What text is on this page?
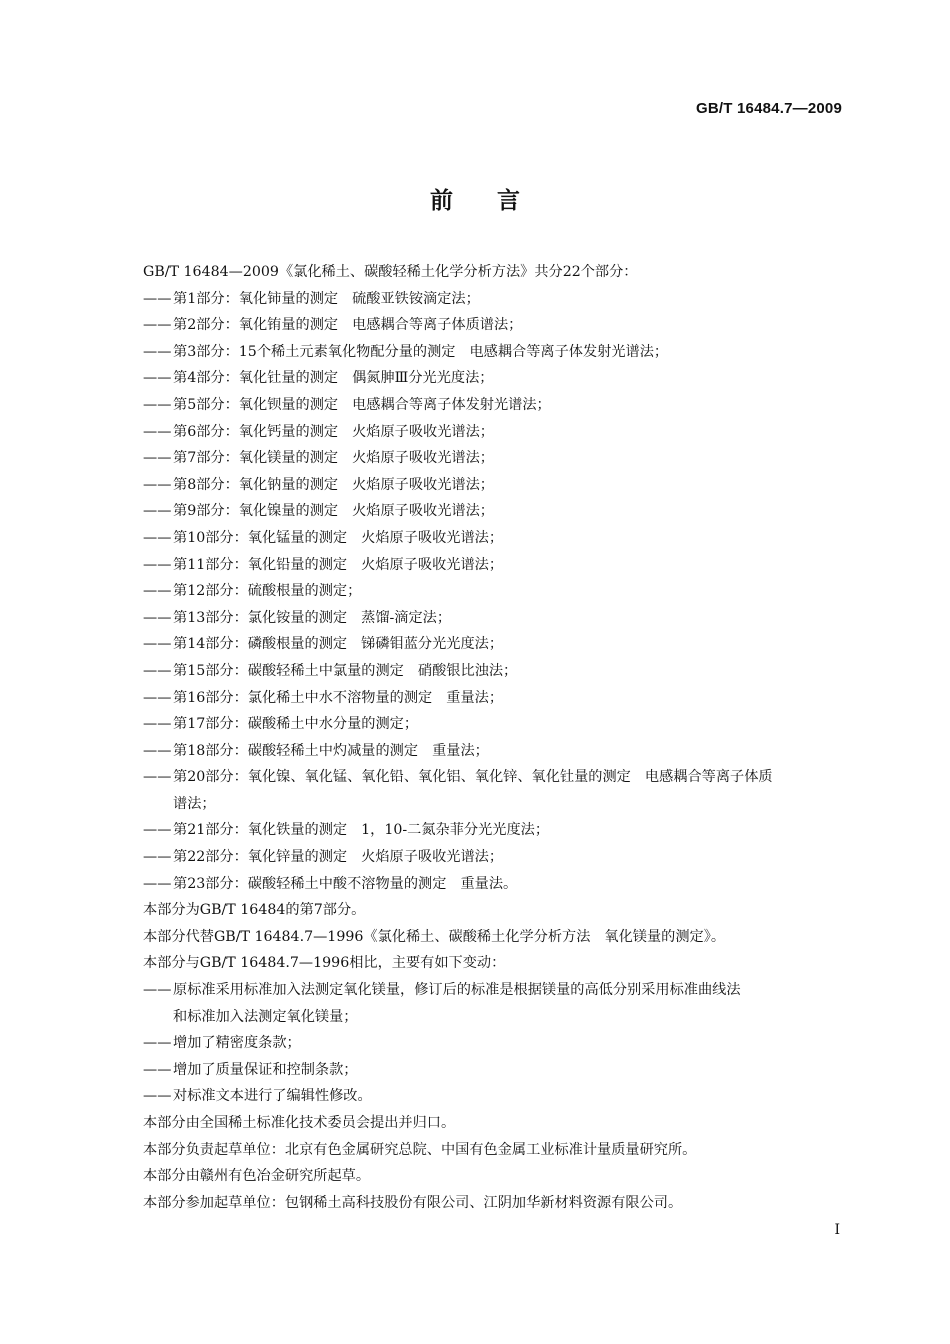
GB/T 16484.7—2009
前言
GB/T 16484—2009《氯化稀土、碳酸轻稀土化学分析方法》共分22个部分：
—— 第1部分：氧化铈量的测定 硫酸亚铁铵滴定法；
—— 第2部分：氧化铕量的测定 电感耦合等离子体质谱法；
—— 第3部分：15个稀土元素氧化物配分量的测定 电感耦合等离子体发射光谱法；
—— 第4部分：氧化钍量的测定 偶氮胂Ⅲ分光光度法；
—— 第5部分：氧化钡量的测定 电感耦合等离子体发射光谱法；
—— 第6部分：氧化钙量的测定 火焰原子吸收光谱法；
—— 第7部分：氧化镁量的测定 火焰原子吸收光谱法；
—— 第8部分：氧化钠量的测定 火焰原子吸收光谱法；
—— 第9部分：氧化镍量的测定 火焰原子吸收光谱法；
—— 第10部分：氧化锰量的测定 火焰原子吸收光谱法；
—— 第11部分：氧化铅量的测定 火焰原子吸收光谱法；
—— 第12部分：硫酸根量的测定；
—— 第13部分：氯化铵量的测定 蒸馏-滴定法；
—— 第14部分：磷酸根量的测定 锑磷钼蓝分光光度法；
—— 第15部分：碳酸轻稀土中氯量的测定 硝酸银比浊法；
—— 第16部分：氯化稀土中水不溶物量的测定 重量法；
—— 第17部分：碳酸稀土中水分量的测定；
—— 第18部分：碳酸轻稀土中灼减量的测定 重量法；
—— 第20部分：氧化镍、氧化锰、氧化铅、氧化铝、氧化锌、氧化钍量的测定 电感耦合等离子体质
谱法；
—— 第21部分：氧化铁量的测定 1，10-二氮杂菲分光光度法；
—— 第22部分：氧化锌量的测定 火焰原子吸收光谱法；
—— 第23部分：碳酸轻稀土中酸不溶物量的测定 重量法。
本部分为GB/T 16484的第7部分。
本部分代替GB/T 16484.7—1996《氯化稀土、碳酸稀土化学分析方法 氧化镁量的测定》。
本部分与GB/T 16484.7—1996相比，主要有如下变动：
—— 原标准采用标准加入法测定氧化镁量，修订后的标准是根据镁量的高低分别采用标准曲线法
和标准加入法测定氧化镁量；
—— 增加了精密度条款；
—— 增加了质量保证和控制条款；
—— 对标准文本进行了编辑性修改。
本部分由全国稀土标准化技术委员会提出并归口。
本部分负责起草单位：北京有色金属研究总院、中国有色金属工业标准计量质量研究所。
本部分由赣州有色冶金研究所起草。
本部分参加起草单位：包钢稀土高科技股份有限公司、江阴加华新材料资源有限公司。
I
